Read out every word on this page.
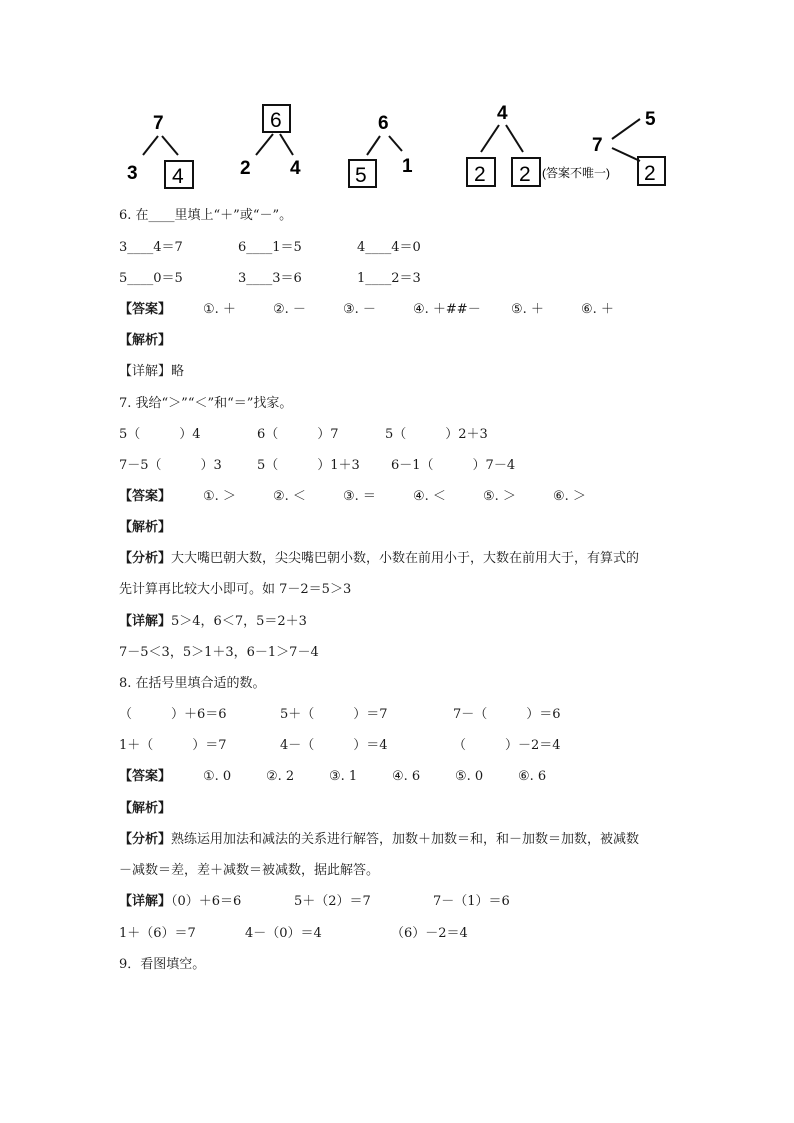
7
3 4
6
2 4
6
5 1
4
2 2 (答案不唯一)
5
7
2
6. 在____里填上“＋”或“－”。
3____4＝7	6____1＝5	4____4＝0
5____0＝5	3____3＝6	1____2＝3
【答案】 ①. ＋	②. －	③. －	④. ＋##－ ⑤. ＋	⑥. ＋
【解析】
【详解】略
7. 我给“＞”“＜”和“＝”找家。
5（　　　）4	6（　　　）7	5（　　　）2＋3
7－5（　　　）3	5（　　　）1＋3 6－1（　　　）7－4
【答案】 ①. ＞	②. ＜	③. ＝	④. ＜	⑤. ＞	⑥. ＞
【解析】
【分析】大大嘴巴朝大数，尖尖嘴巴朝小数，小数在前用小于，大数在前用大于，有算式的
先计算再比较大小即可。如 7－2＝5＞3
【详解】5＞4，6＜7，5＝2＋3
7－5＜3，5＞1＋3，6－1＞7－4
8. 在括号里填合适的数。
（　　　）＋6＝6	5＋（　　　）＝7	7－（　　　）＝6
1＋（　　　）＝7	4－（　　　）＝4	（　　　）－2＝4
【答案】 ①. 0	②. 2	③. 1	④. 6	⑤. 0	⑥. 6
【解析】
【分析】熟练运用加法和减法的关系进行解答，加数＋加数＝和，和－加数＝加数，被减数
－减数＝差，差＋减数＝被减数，据此解答。
【详解】（0）＋6＝6	5＋（2）＝7	7－（1）＝6
1＋（6）＝7	4－（0）＝4	（6）－2＝4
9．看图填空。
